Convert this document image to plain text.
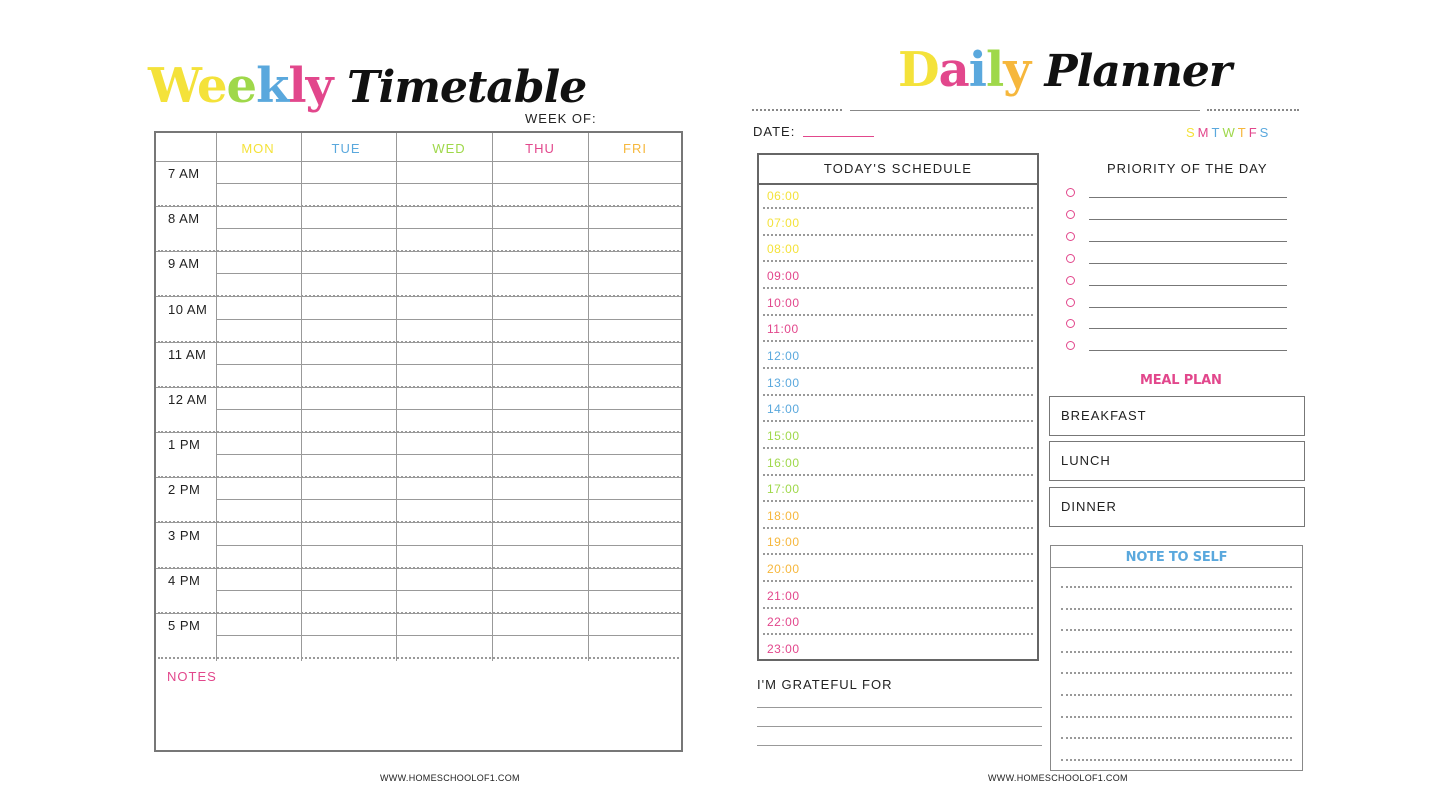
Weekly Timetable
WEEK OF:
NOTES
MON	TUE	WED	THU	FRI
7 AM
8 AM
9 AM
10 AM
11 AM
12 AM
1 PM
2 PM
3 PM
4 PM
5 PM
WWW.HOMESCHOOLOF1.COM
Daily Planner
DATE:	SMTWTFS
TODAY'S SCHEDULE
06:00
07:00
08:00
09:00
10:00
11:00
12:00
13:00
14:00
15:00
16:00
17:00
18:00
19:00
20:00
21:00
22:00
23:00
PRIORITY OF THE DAY
MEAL PLAN
BREAKFAST
LUNCH
DINNER
NOTE TO SELF
I'M GRATEFUL FOR
WWW.HOMESCHOOLOF1.COM
